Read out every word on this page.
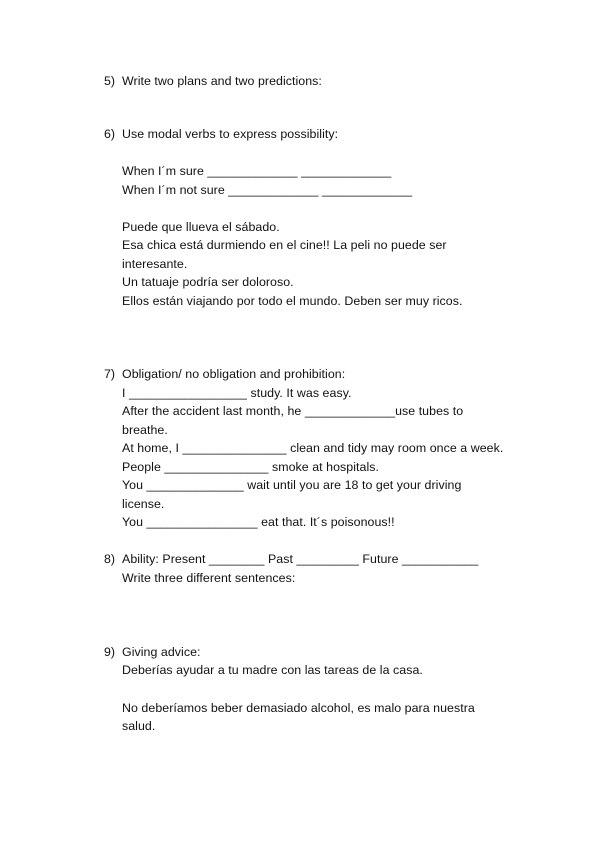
5) Write two plans and two predictions:
6) Use modal verbs to express possibility:
When I´m sure _____________ _____________
When I´m not sure _____________ _____________
Puede que llueva el sábado.
Esa chica está durmiendo en el cine!! La peli no puede ser
interesante.
Un tatuaje podría ser doloroso.
Ellos están viajando por todo el mundo. Deben ser muy ricos.
7) Obligation/ no obligation and prohibition:
I _________________ study. It was easy.
After the accident last month, he _____________use tubes to
breathe.
At home, I _______________ clean and tidy may room once a week.
People _______________ smoke at hospitals.
You ______________ wait until you are 18 to get your driving
license.
You ________________ eat that. It´s poisonous!!
8) Ability: Present ________ Past _________ Future ___________
Write three different sentences:
9) Giving advice:
Deberías ayudar a tu madre con las tareas de la casa.
No deberíamos beber demasiado alcohol, es malo para nuestra
salud.
